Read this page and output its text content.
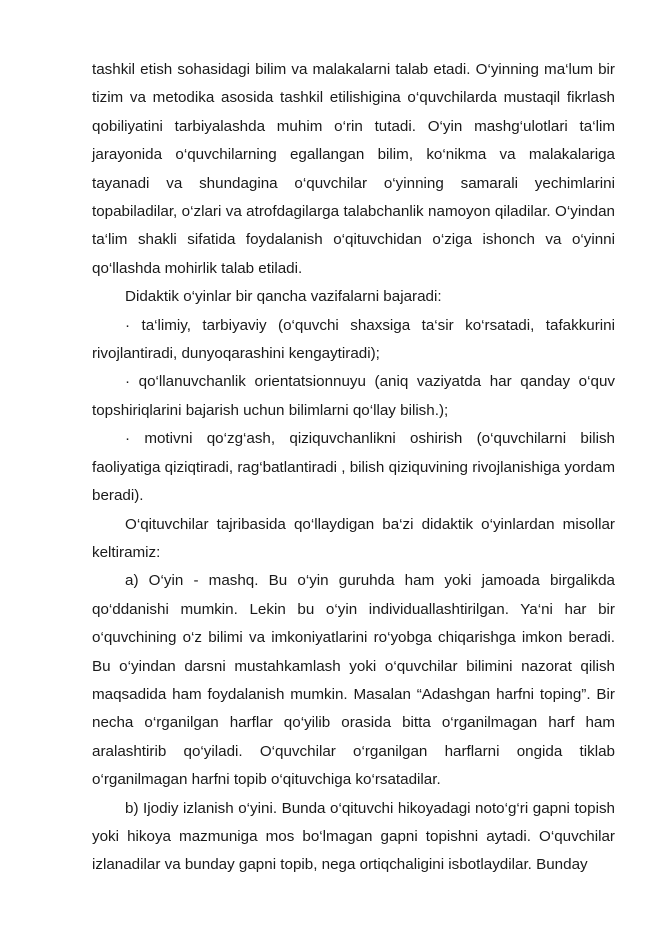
tashkil etish sohasidagi bilim va malakalarni talab etadi. O‘yinning ma‘lum bir tizim va metodika asosida tashkil etilishigina o‘quvchilarda mustaqil fikrlash qobiliyatini tarbiyalashda muhim o‘rin tutadi. O‘yin mashg‘ulotlari ta‘lim jarayonida o‘quvchilarning egallangan bilim, ko‘nikma va malakalariga tayanadi va shundagina o‘quvchilar o‘yinning samarali yechimlarini topabiladilar, o‘zlari va atrofdagilarga talabchanlik namoyon qiladilar. O‘yindan ta‘lim shakli sifatida foydalanish o‘qituvchidan o‘ziga ishonch va o‘yinni qo‘llashda mohirlik talab etiladi.

Didaktik o‘yinlar bir qancha vazifalarni bajaradi:

· ta‘limiy, tarbiyaviy (o‘quvchi shaxsiga ta‘sir ko‘rsatadi, tafakkurini rivojlantiradi, dunyoqarashini kengaytiradi);

· qo‘llanuvchanlik orientatsionnuyu (aniq vaziyatda har qanday o‘quv topshiriqlarini bajarish uchun bilimlarni qo‘llay bilish.);

· motivni qo‘zg‘ash, qiziquvchanlikni oshirish (o‘quvchilarni bilish faoliyatiga qiziqtiradi, rag‘batlantiradi , bilish qiziquvining rivojlanishiga yordam beradi).

O‘qituvchilar tajribasida qo‘llaydigan ba‘zi didaktik o‘yinlardan misollar keltiramiz:

a) O‘yin - mashq. Bu o‘yin guruhda ham yoki jamoada birgalikda qo‘ddanishi mumkin. Lekin bu o‘yin individuallashtirilgan. Ya‘ni har bir o‘quvchining o‘z bilimi va imkoniyatlarini ro‘yobga chiqarishga imkon beradi. Bu o‘yindan darsni mustahkamlash yoki o‘quvchilar bilimini nazorat qilish maqsadida ham foydalanish mumkin. Masalan “Adashgan harfni toping”. Bir necha o‘rganilgan harflar qo‘yilib orasida bitta o‘rganilmagan harf ham aralashtirib qo‘yiladi. O‘quvchilar o‘rganilgan harflarni ongida tiklab o‘rganilmagan harfni topib o‘qituvchiga ko‘rsatadilar.

b) Ijodiy izlanish o‘yini. Bunda o‘qituvchi hikoyadagi noto‘g‘ri gapni topish yoki hikoya mazmuniga mos bo‘lmagan gapni topishni aytadi. O‘quvchilar izlanadilar va bunday gapni topib, nega ortiqchaligini isbotlaydilar. Bunday
